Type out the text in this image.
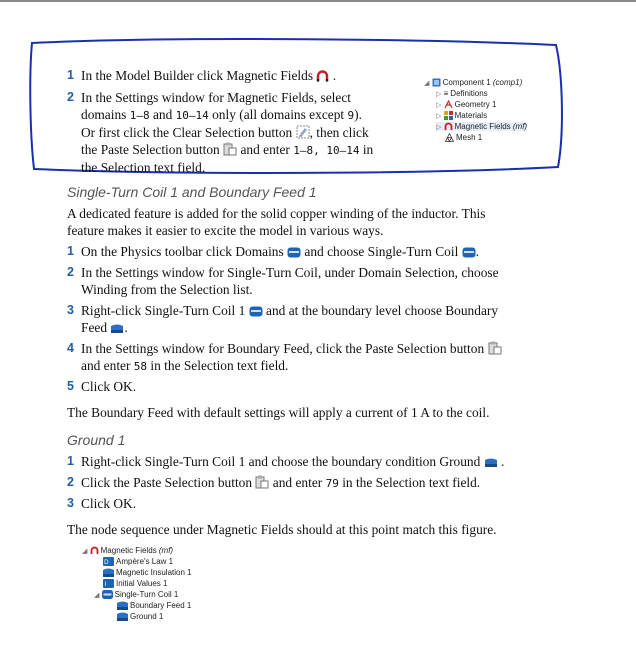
1 In the Model Builder click Magnetic Fields .
2 In the Settings window for Magnetic Fields, select
domains 1–8 and 10–14 only (all domains except 9).
Or first click the Clear Selection button , then click
the Paste Selection button and enter 1–8, 10–14 in
the Selection text field.
◢ Component 1 (comp1)
▷ ≡ Definitions
▷ Geometry 1
▷ Materials
▷ Magnetic Fields (mf)
Mesh 1
Single-Turn Coil 1 and Boundary Feed 1
A dedicated feature is added for the solid copper winding of the inductor. This
feature makes it easier to excite the model in various ways.
1 On the Physics toolbar click Domains and choose Single-Turn Coil .
2 In the Settings window for Single-Turn Coil, under Domain Selection, choose
Winding from the Selection list.
3 Right-click Single-Turn Coil 1 and at the boundary level choose Boundary
Feed .
4 In the Settings window for Boundary Feed, click the Paste Selection button
and enter 58 in the Selection text field.
5 Click OK.
The Boundary Feed with default settings will apply a current of 1 A to the coil.
Ground 1
1 Right-click Single-Turn Coil 1 and choose the boundary condition Ground .
2 Click the Paste Selection button and enter 79 in the Selection text field.
3 Click OK.
The node sequence under Magnetic Fields should at this point match this figure.
◢ Magnetic Fields (mf)
D Ampère's Law 1
Magnetic Insulation 1
I Initial Values 1
◢ Single-Turn Coil 1
Boundary Feed 1
Ground 1
